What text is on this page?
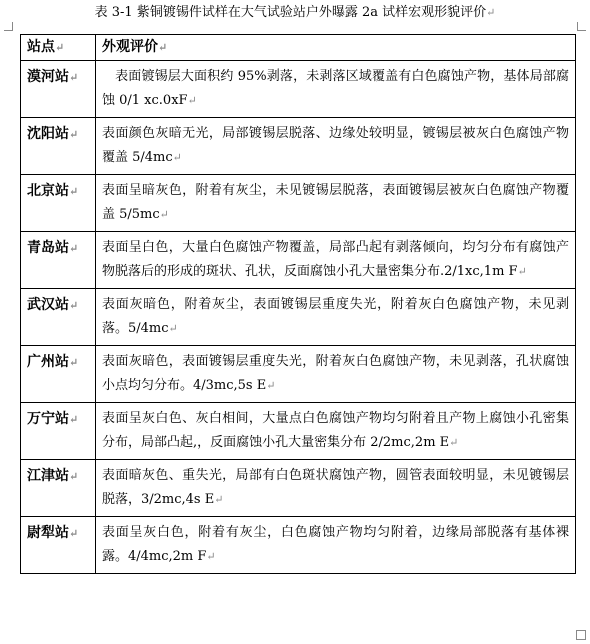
表 3-1 紫铜镀锡件试样在大气试验站户外曝露 2a 试样宏观形貌评价↵
站点↵	外观评价↵
漠河站↵	　表面镀锡层大面积约 95%剥落，未剥落区域覆盖有白色腐蚀产物，基体局部腐蚀 0/1 xc.0xF↵
沈阳站↵	表面颜色灰暗无光，局部镀锡层脱落、边缘处较明显，镀锡层被灰白色腐蚀产物覆盖 5/4mc↵
北京站↵	表面呈暗灰色，附着有灰尘，未见镀锡层脱落，表面镀锡层被灰白色腐蚀产物覆盖 5/5mc↵
青岛站↵	表面呈白色，大量白色腐蚀产物覆盖，局部凸起有剥落倾向，均匀分布有腐蚀产物脱落后的形成的斑状、孔状，反面腐蚀小孔大量密集分布.2/1xc,1m F↵
武汉站↵	表面灰暗色，附着灰尘，表面镀锡层重度失光，附着灰白色腐蚀产物，未见剥落。5/4mc↵
广州站↵	表面灰暗色，表面镀锡层重度失光，附着灰白色腐蚀产物，未见剥落，孔状腐蚀小点均匀分布。4/3mc,5s E↵
万宁站↵	表面呈灰白色、灰白相间，大量点白色腐蚀产物均匀附着且产物上腐蚀小孔密集分布，局部凸起,，反面腐蚀小孔大量密集分布 2/2mc,2m E↵
江津站↵	表面暗灰色、重失光，局部有白色斑状腐蚀产物，圆管表面较明显，未见镀锡层脱落，3/2mc,4s E↵
尉犁站↵	表面呈灰白色，附着有灰尘，白色腐蚀产物均匀附着，边缘局部脱落有基体裸露。4/4mc,2m F↵
